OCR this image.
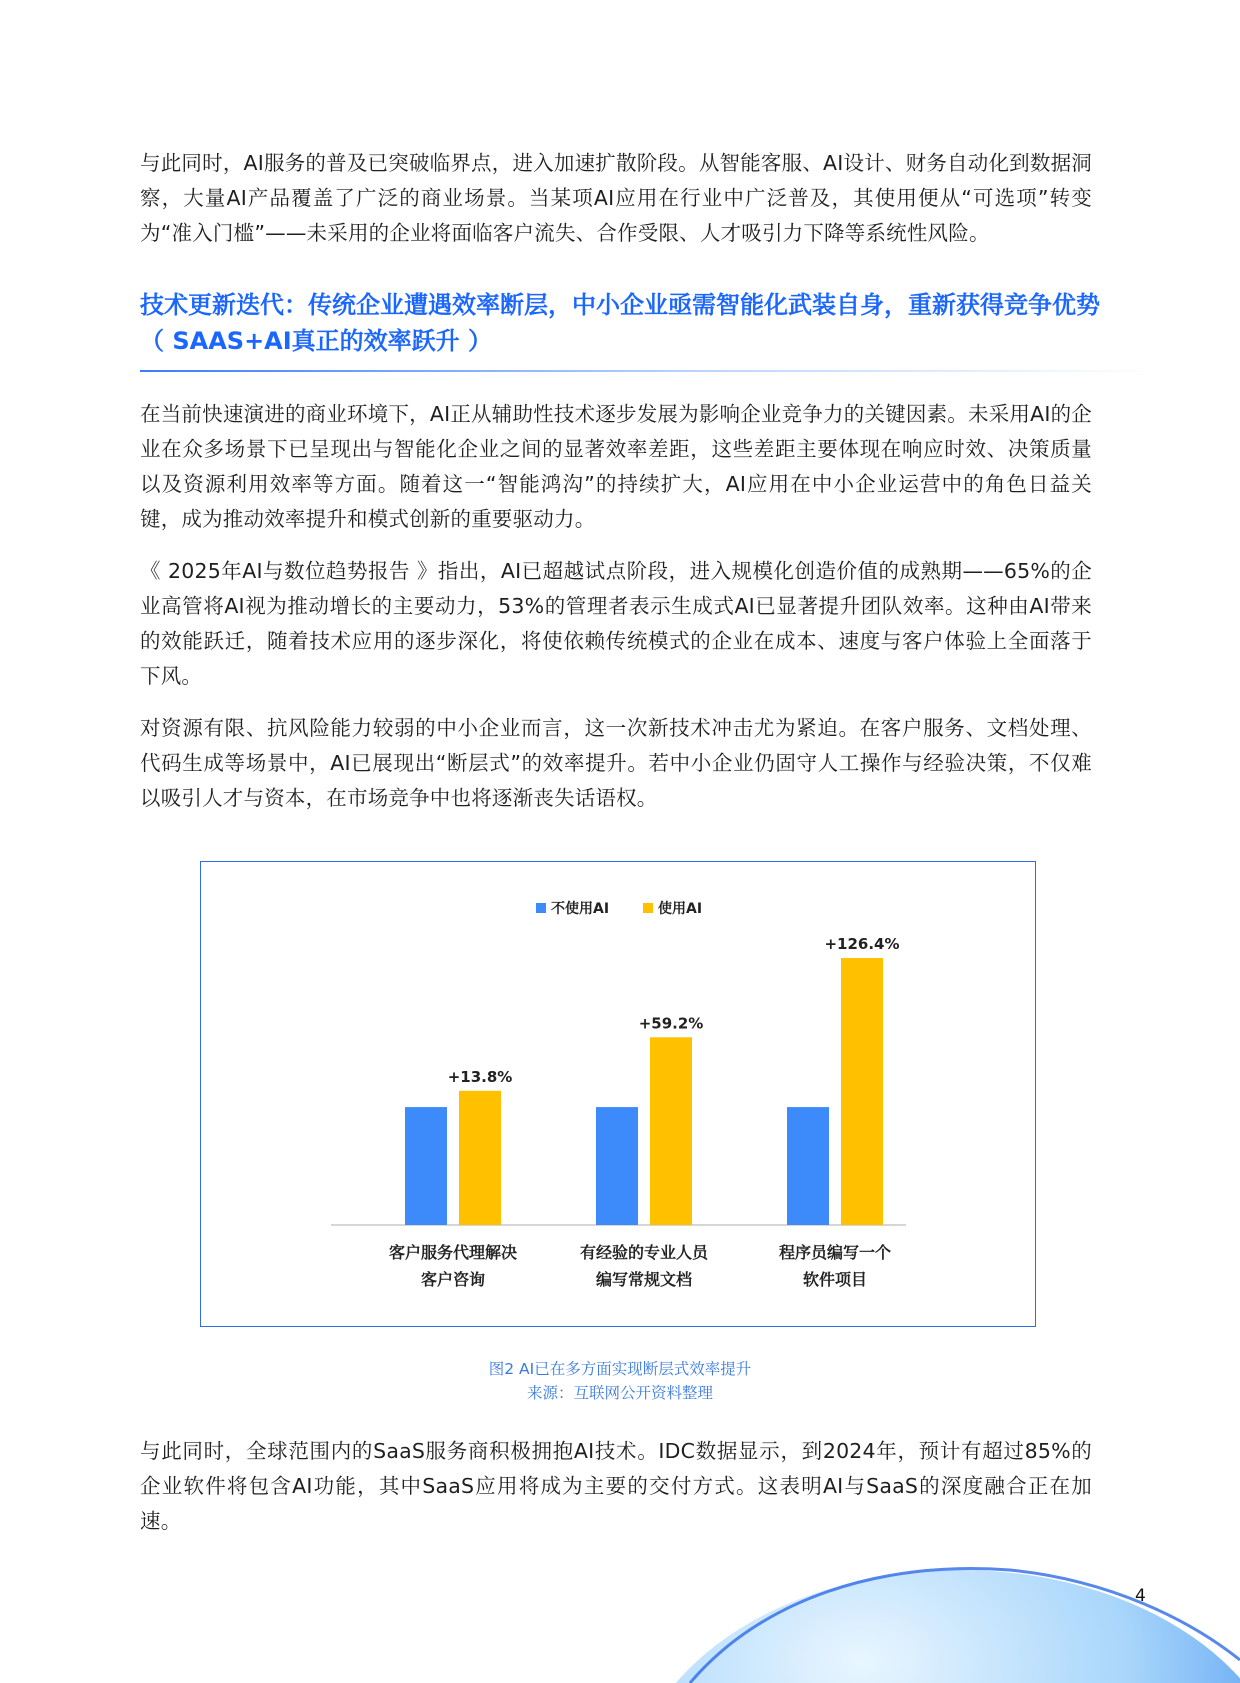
与此同时，AI服务的普及已突破临界点，进入加速扩散阶段。从智能客服、AI设计、财务自动化到数据洞察，大量AI产品覆盖了广泛的商业场景。当某项AI应用在行业中广泛普及，其使用便从“可选项”转变为“准入门槛”——未采用的企业将面临客户流失、合作受限、人才吸引力下降等系统性风险。

技术更新迭代：传统企业遭遇效率断层，中小企业亟需智能化武装自身，重新获得竞争优势（ SAAS+AI真正的效率跃升 ）

在当前快速演进的商业环境下，AI正从辅助性技术逐步发展为影响企业竞争力的关键因素。未采用AI的企业在众多场景下已呈现出与智能化企业之间的显著效率差距，这些差距主要体现在响应时效、决策质量以及资源利用效率等方面。随着这一“智能鸿沟”的持续扩大，AI应用在中小企业运营中的角色日益关键，成为推动效率提升和模式创新的重要驱动力。

《 2025年AI与数位趋势报告 》指出，AI已超越试点阶段，进入规模化创造价值的成熟期——65%的企业高管将AI视为推动增长的主要动力，53%的管理者表示生成式AI已显著提升团队效率。这种由AI带来的效能跃迁，随着技术应用的逐步深化，将使依赖传统模式的企业在成本、速度与客户体验上全面落于下风。

对资源有限、抗风险能力较弱的中小企业而言，这一次新技术冲击尤为紧迫。在客户服务、文档处理、代码生成等场景中，AI已展现出“断层式”的效率提升。若中小企业仍固守人工操作与经验决策，不仅难以吸引人才与资本，在市场竞争中也将逐渐丧失话语权。

不使用AI	使用AI
+13.8%
客户服务代理解决
客户咨询
+59.2%
有经验的专业人员
编写常规文档
+126.4%
程序员编写一个
软件项目

图2 AI已在多方面实现断层式效率提升

来源：互联网公开资料整理

与此同时，全球范围内的SaaS服务商积极拥抱AI技术。IDC数据显示，到2024年，预计有超过85%的企业软件将包含AI功能，其中SaaS应用将成为主要的交付方式。这表明AI与SaaS的深度融合正在加速。

4
